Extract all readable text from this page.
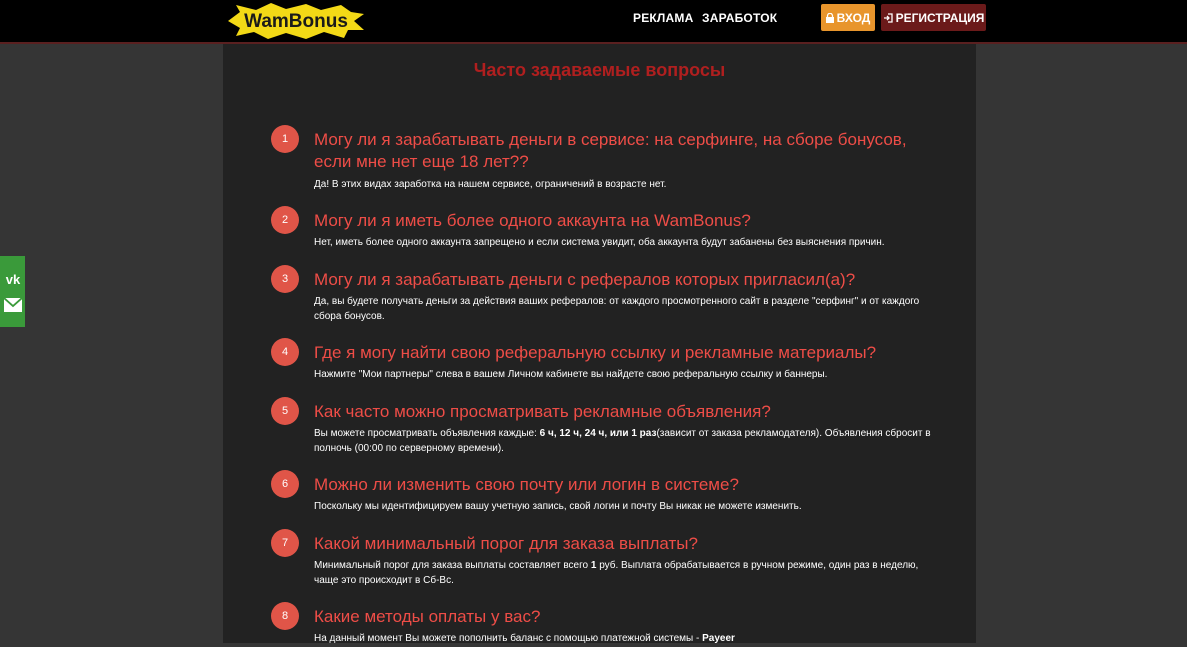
WamBonus	РЕКЛАМА ЗАРАБОТОК	ВХОД РЕГИСТРАЦИЯ
vk
Часто задаваемые вопросы
1	Могу ли я зарабатывать деньги в сервисе: на серфинге, на сборе бонусов, если мне нет еще 18 лет??
Да! В этих видах заработка на нашем сервисе, ограничений в возрасте нет.
2	Могу ли я иметь более одного аккаунта на WamBonus?
Нет, иметь более одного аккаунта запрещено и если система увидит, оба аккаунта будут забанены без выяснения причин.
3	Могу ли я зарабатывать деньги с рефералов которых пригласил(а)?
Да, вы будете получать деньги за действия ваших рефералов: от каждого просмотренного сайт в разделе "серфинг" и от каждого сбора бонусов.
4	Где я могу найти свою реферальную ссылку и рекламные материалы?
Нажмите "Мои партнеры" слева в вашем Личном кабинете вы найдете свою реферальную ссылку и баннеры.
5	Как часто можно просматривать рекламные объявления?
Вы можете просматривать объявления каждые: 6 ч, 12 ч, 24 ч, или 1 раз(зависит от заказа рекламодателя). Объявления сбросит в полночь (00:00 по серверному времени).
6	Можно ли изменить свою почту или логин в системе?
Поскольку мы идентифицируем вашу учетную запись, свой логин и почту Вы никак не можете изменить.
7	Какой минимальный порог для заказа выплаты?
Минимальный порог для заказа выплаты составляет всего 1 руб. Выплата обрабатывается в ручном режиме, один раз в неделю, чаще это происходит в Сб-Вс.
8	Какие методы оплаты у вас?
На данный момент Вы можете пополнить баланс с помощью платежной системы - Payeer
